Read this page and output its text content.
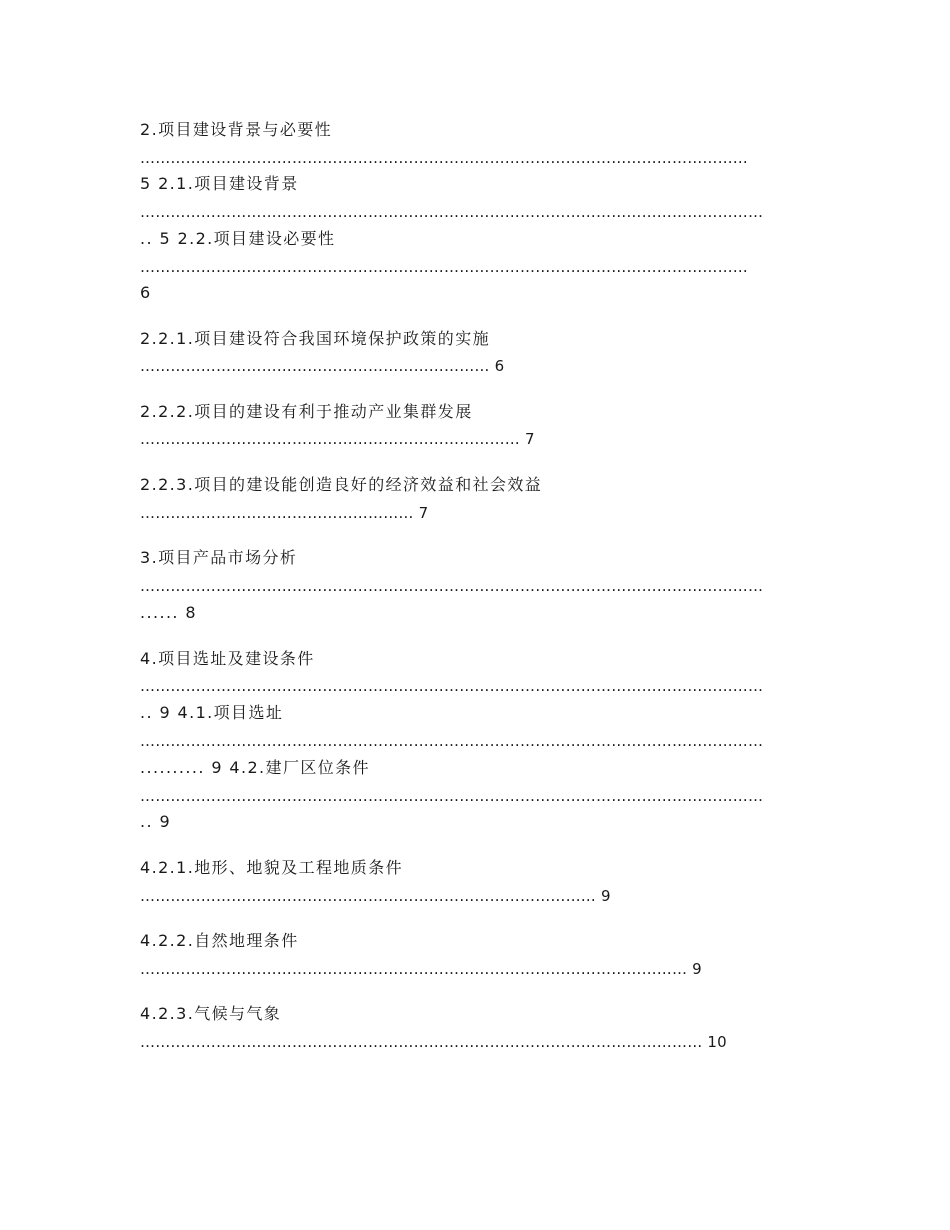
2.项目建设背景与必要性
…………………………………………………………………………………………………………
5 2.1.项目建设背景
……………………………………………………………………………………………………………
.. 5 2.2.项目建设必要性
…………………………………………………………………………………………………………
6
2.2.1.项目建设符合我国环境保护政策的实施
…………………………………………………………… 6
2.2.2.项目的建设有利于推动产业集群发展
………………………………………………………………… 7
2.2.3.项目的建设能创造良好的经济效益和社会效益
……………………………………………… 7
3.项目产品市场分析
……………………………………………………………………………………………………………
...... 8
4.项目选址及建设条件
……………………………………………………………………………………………………………
.. 9 4.1.项目选址
……………………………………………………………………………………………………………
.......... 9 4.2.建厂区位条件
……………………………………………………………………………………………………………
.. 9
4.2.1.地形、地貌及工程地质条件
……………………………………………………………………………… 9
4.2.2.自然地理条件
……………………………………………………………………………………………… 9
4.2.3.气候与气象
………………………………………………………………………………………………… 10
